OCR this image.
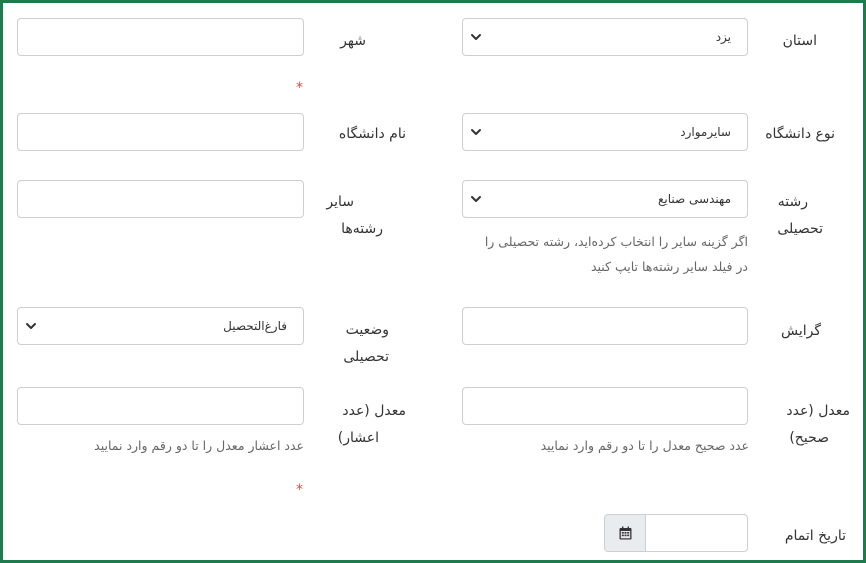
استان
یزد
شهر
*
نوع دانشگاه
سایرموارد
نام دانشگاه
رشته
تحصیلی
مهندسی صنایع
اگر گزینه سایر را انتخاب کرده‌اید، رشته تحصیلی را
در فیلد سایر رشته‌ها تایپ کنید
سایر
رشته‌ها
گرایش
وضعیت
تحصیلی
فارغ‌التحصیل
معدل (عدد
صحیح)
عدد صحیح معدل را تا دو رقم وارد نمایید
معدل (عدد
اعشار)
عدد اعشار معدل را تا دو رقم وارد نمایید
*
تاریخ اتمام
